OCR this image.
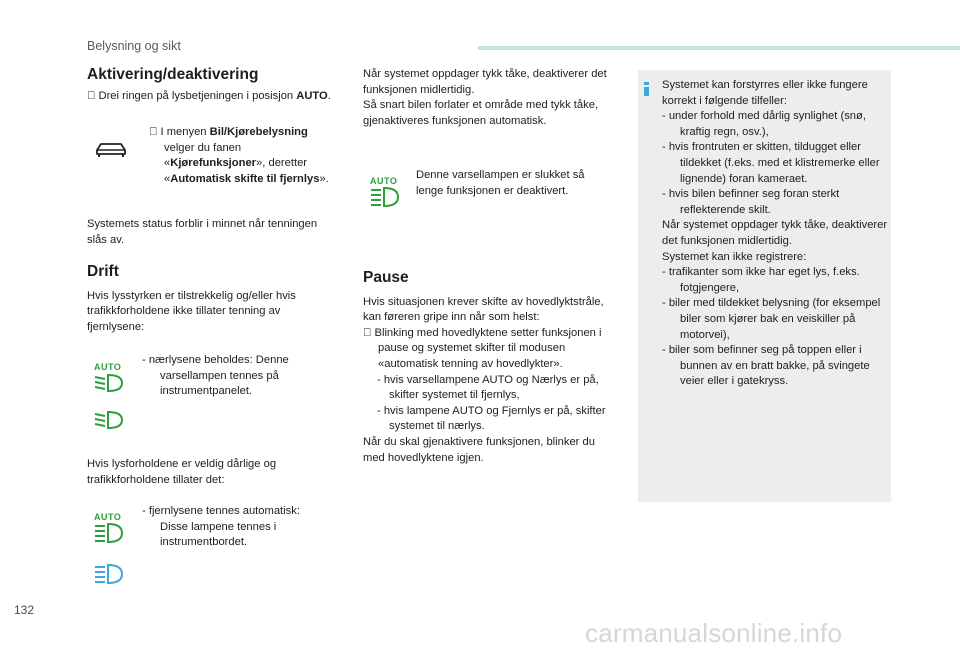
Belysning og sikt
Aktivering/deaktivering

Drei ringen på lysbetjeningen i posisjon AUTO.

I menyen Bil/Kjørebelysning velger du fanen «Kjørefunksjoner», deretter «Automatisk skifte til fjernlys».

Systemets status forblir i minnet når tenningen slås av.

Drift

Hvis lysstyrken er tilstrekkelig og/eller hvis trafikkforholdene ikke tillater tenning av fjernlysene:

- nærlysene beholdes: Denne varsellampen tennes på instrumentpanelet.

AUTO

Hvis lysforholdene er veldig dårlige og trafikkforholdene tillater det:

- fjernlysene tennes automatisk: Disse lampene tennes i instrumentbordet.

AUTO

Når systemet oppdager tykk tåke, deaktiverer det funksjonen midlertidig.

Så snart bilen forlater et område med tykk tåke, gjenaktiveres funksjonen automatisk.

AUTO	Denne varsellampen er slukket så lenge funksjonen er deaktivert.

Pause

Hvis situasjonen krever skifte av hovedlyktstråle, kan føreren gripe inn når som helst:

Blinking med hovedlyktene setter funksjonen i pause og systemet skifter til modusen «automatisk tenning av hovedlykter».

- hvis varsellampene AUTO og Nærlys er på, skifter systemet til fjernlys,

- hvis lampene AUTO og Fjernlys er på, skifter systemet til nærlys.

Når du skal gjenaktivere funksjonen, blinker du med hovedlyktene igjen.

Systemet kan forstyrres eller ikke fungere korrekt i følgende tilfeller:

- under forhold med dårlig synlighet (snø, kraftig regn, osv.),

- hvis frontruten er skitten, tildugget eller tildekket (f.eks. med et klistremerke eller lignende) foran kameraet.

- hvis bilen befinner seg foran sterkt reflekterende skilt.

Når systemet oppdager tykk tåke, deaktiverer det funksjonen midlertidig.

Systemet kan ikke registrere:

- trafikanter som ikke har eget lys, f.eks. fotgjengere,

- biler med tildekket belysning (for eksempel biler som kjører bak en veiskiller på motorvei),

- biler som befinner seg på toppen eller i bunnen av en bratt bakke, på svingete veier eller i gatekryss.

132
carmanualsonline.info
